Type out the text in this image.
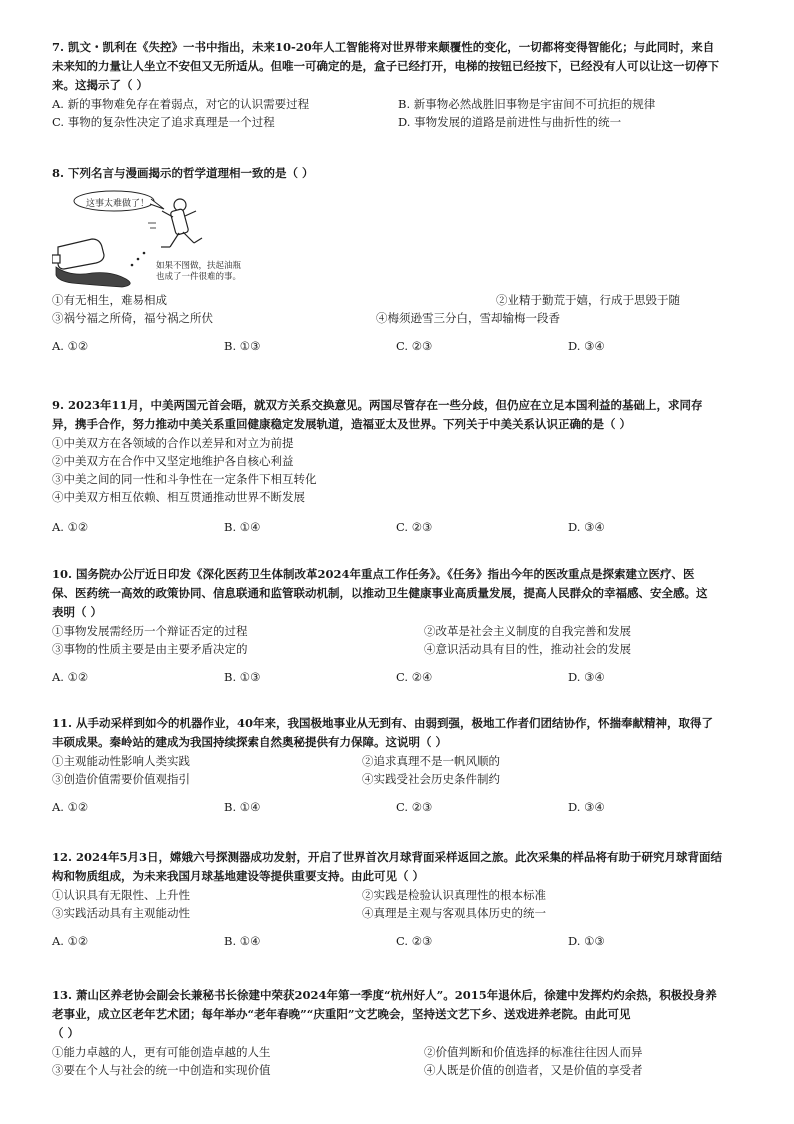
7. 凯文・凯利在《失控》一书中指出，未来10-20年人工智能将对世界带来颠覆性的变化，一切都将变得智能化；与此同时，来自
未来知的力量让人坐立不安但又无所适从。但唯一可确定的是，盒子已经打开，电梯的按钮已经按下，已经没有人可以让这一切停下
来。这揭示了（ ）
A. 新的事物难免存在着弱点，对它的认识需要过程	B. 新事物必然战胜旧事物是宇宙间不可抗拒的规律
C. 事物的复杂性决定了追求真理是一个过程	D. 事物发展的道路是前进性与曲折性的统一
8. 下列名言与漫画揭示的哲学道理相一致的是（ ）
这事太难做了！
如果不图做，扶起油瓶
也成了一件很难的事。
①有无相生，难易相成	②业精于勤荒于嬉，行成于思毁于随
③祸兮福之所倚，福兮祸之所伏	④梅须逊雪三分白，雪却输梅一段香
A. ①②	B. ①③	C. ②③	D. ③④
9. 2023年11月，中美两国元首会晤，就双方关系交换意见。两国尽管存在一些分歧，但仍应在立足本国利益的基础上，求同存
异，携手合作，努力推动中美关系重回健康稳定发展轨道，造福亚太及世界。下列关于中美关系认识正确的是（ ）
①中美双方在各领域的合作以差异和对立为前提
②中美双方在合作中又坚定地维护各自核心利益
③中美之间的同一性和斗争性在一定条件下相互转化
④中美双方相互依赖、相互贯通推动世界不断发展
A. ①②	B. ①④	C. ②③	D. ③④
10. 国务院办公厅近日印发《深化医药卫生体制改革2024年重点工作任务》。《任务》指出今年的医改重点是探索建立医疗、医
保、医药统一高效的政策协同、信息联通和监管联动机制，以推动卫生健康事业高质量发展，提高人民群众的幸福感、安全感。这
表明（ ）
①事物发展需经历一个辩证否定的过程	②改革是社会主义制度的自我完善和发展
③事物的性质主要是由主要矛盾决定的	④意识活动具有目的性，推动社会的发展
A. ①②	B. ①③	C. ②④	D. ③④
11. 从手动采样到如今的机器作业，40年来，我国极地事业从无到有、由弱到强，极地工作者们团结协作，怀揣奉献精神，取得了
丰硕成果。秦岭站的建成为我国持续探索自然奥秘提供有力保障。这说明（ ）
①主观能动性影响人类实践	②追求真理不是一帆风顺的
③创造价值需要价值观指引	④实践受社会历史条件制约
A. ①②	B. ①④	C. ②③	D. ③④
12. 2024年5月3日，嫦娥六号探测器成功发射，开启了世界首次月球背面采样返回之旅。此次采集的样品将有助于研究月球背面结
构和物质组成，为未来我国月球基地建设等提供重要支持。由此可见（ ）
①认识具有无限性、上升性	②实践是检验认识真理性的根本标准
③实践活动具有主观能动性	④真理是主观与客观具体历史的统一
A. ①②	B. ①④	C. ②③	D. ①③
13. 萧山区养老协会副会长兼秘书长徐建中荣获2024年第一季度“杭州好人”。2015年退休后，徐建中发挥灼灼余热，积极投身养
老事业，成立区老年艺术团；每年举办“老年春晚”“庆重阳”文艺晚会，坚持送文艺下乡、送戏进养老院。由此可见
（ ）
①能力卓越的人，更有可能创造卓越的人生	②价值判断和价值选择的标准往往因人而异
③要在个人与社会的统一中创造和实现价值	④人既是价值的创造者，又是价值的享受者
